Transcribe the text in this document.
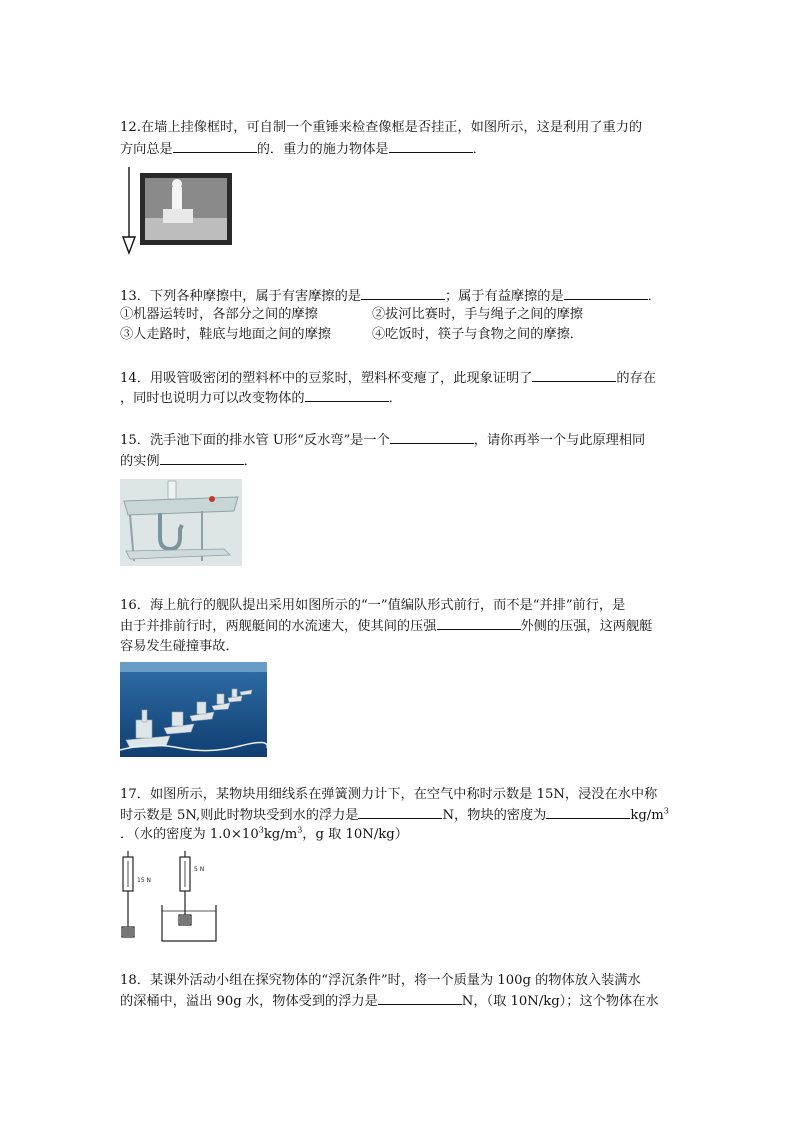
12.在墙上挂像框时，可自制一个重锤来检查像框是否挂正，如图所示，这是利用了重力的
方向总是	的．重力的施力物体是	．
13．下列各种摩擦中，属于有害摩擦的是	；属于有益摩擦的是	．
①机器运转时，各部分之间的摩擦	②拔河比赛时，手与绳子之间的摩擦
③人走路时，鞋底与地面之间的摩擦	④吃饭时，筷子与食物之间的摩擦．
14．用吸管吸密闭的塑料杯中的豆浆时，塑料杯变瘪了，此现象证明了	的存在
，同时也说明力可以改变物体的	．
15．洗手池下面的排水管 U形“反水弯”是一个	，请你再举一个与此原理相同
的实例	．
16．海上航行的舰队提出采用如图所示的“一”值编队形式前行，而不是“并排”前行，是
由于并排前行时，两舰艇间的水流速大，使其间的压强	外侧的压强，这两舰艇
容易发生碰撞事故．
17．如图所示，某物块用细线系在弹簧测力计下，在空气中称时示数是 15N，浸没在水中称
时示数是 5N,则此时物块受到水的浮力是	N，物块的密度为	$kg/m^3$
．（水的密度为 $1.0\times 10^3kg/m^3$，g 取 10N/kg）
15 N
5 N
18．某课外活动小组在探究物体的“浮沉条件”时，将一个质量为 100g 的物体放入装满水
的深桶中，溢出 90g 水，物体受到的浮力是	N，（取 10N/kg）；这个物体在水
